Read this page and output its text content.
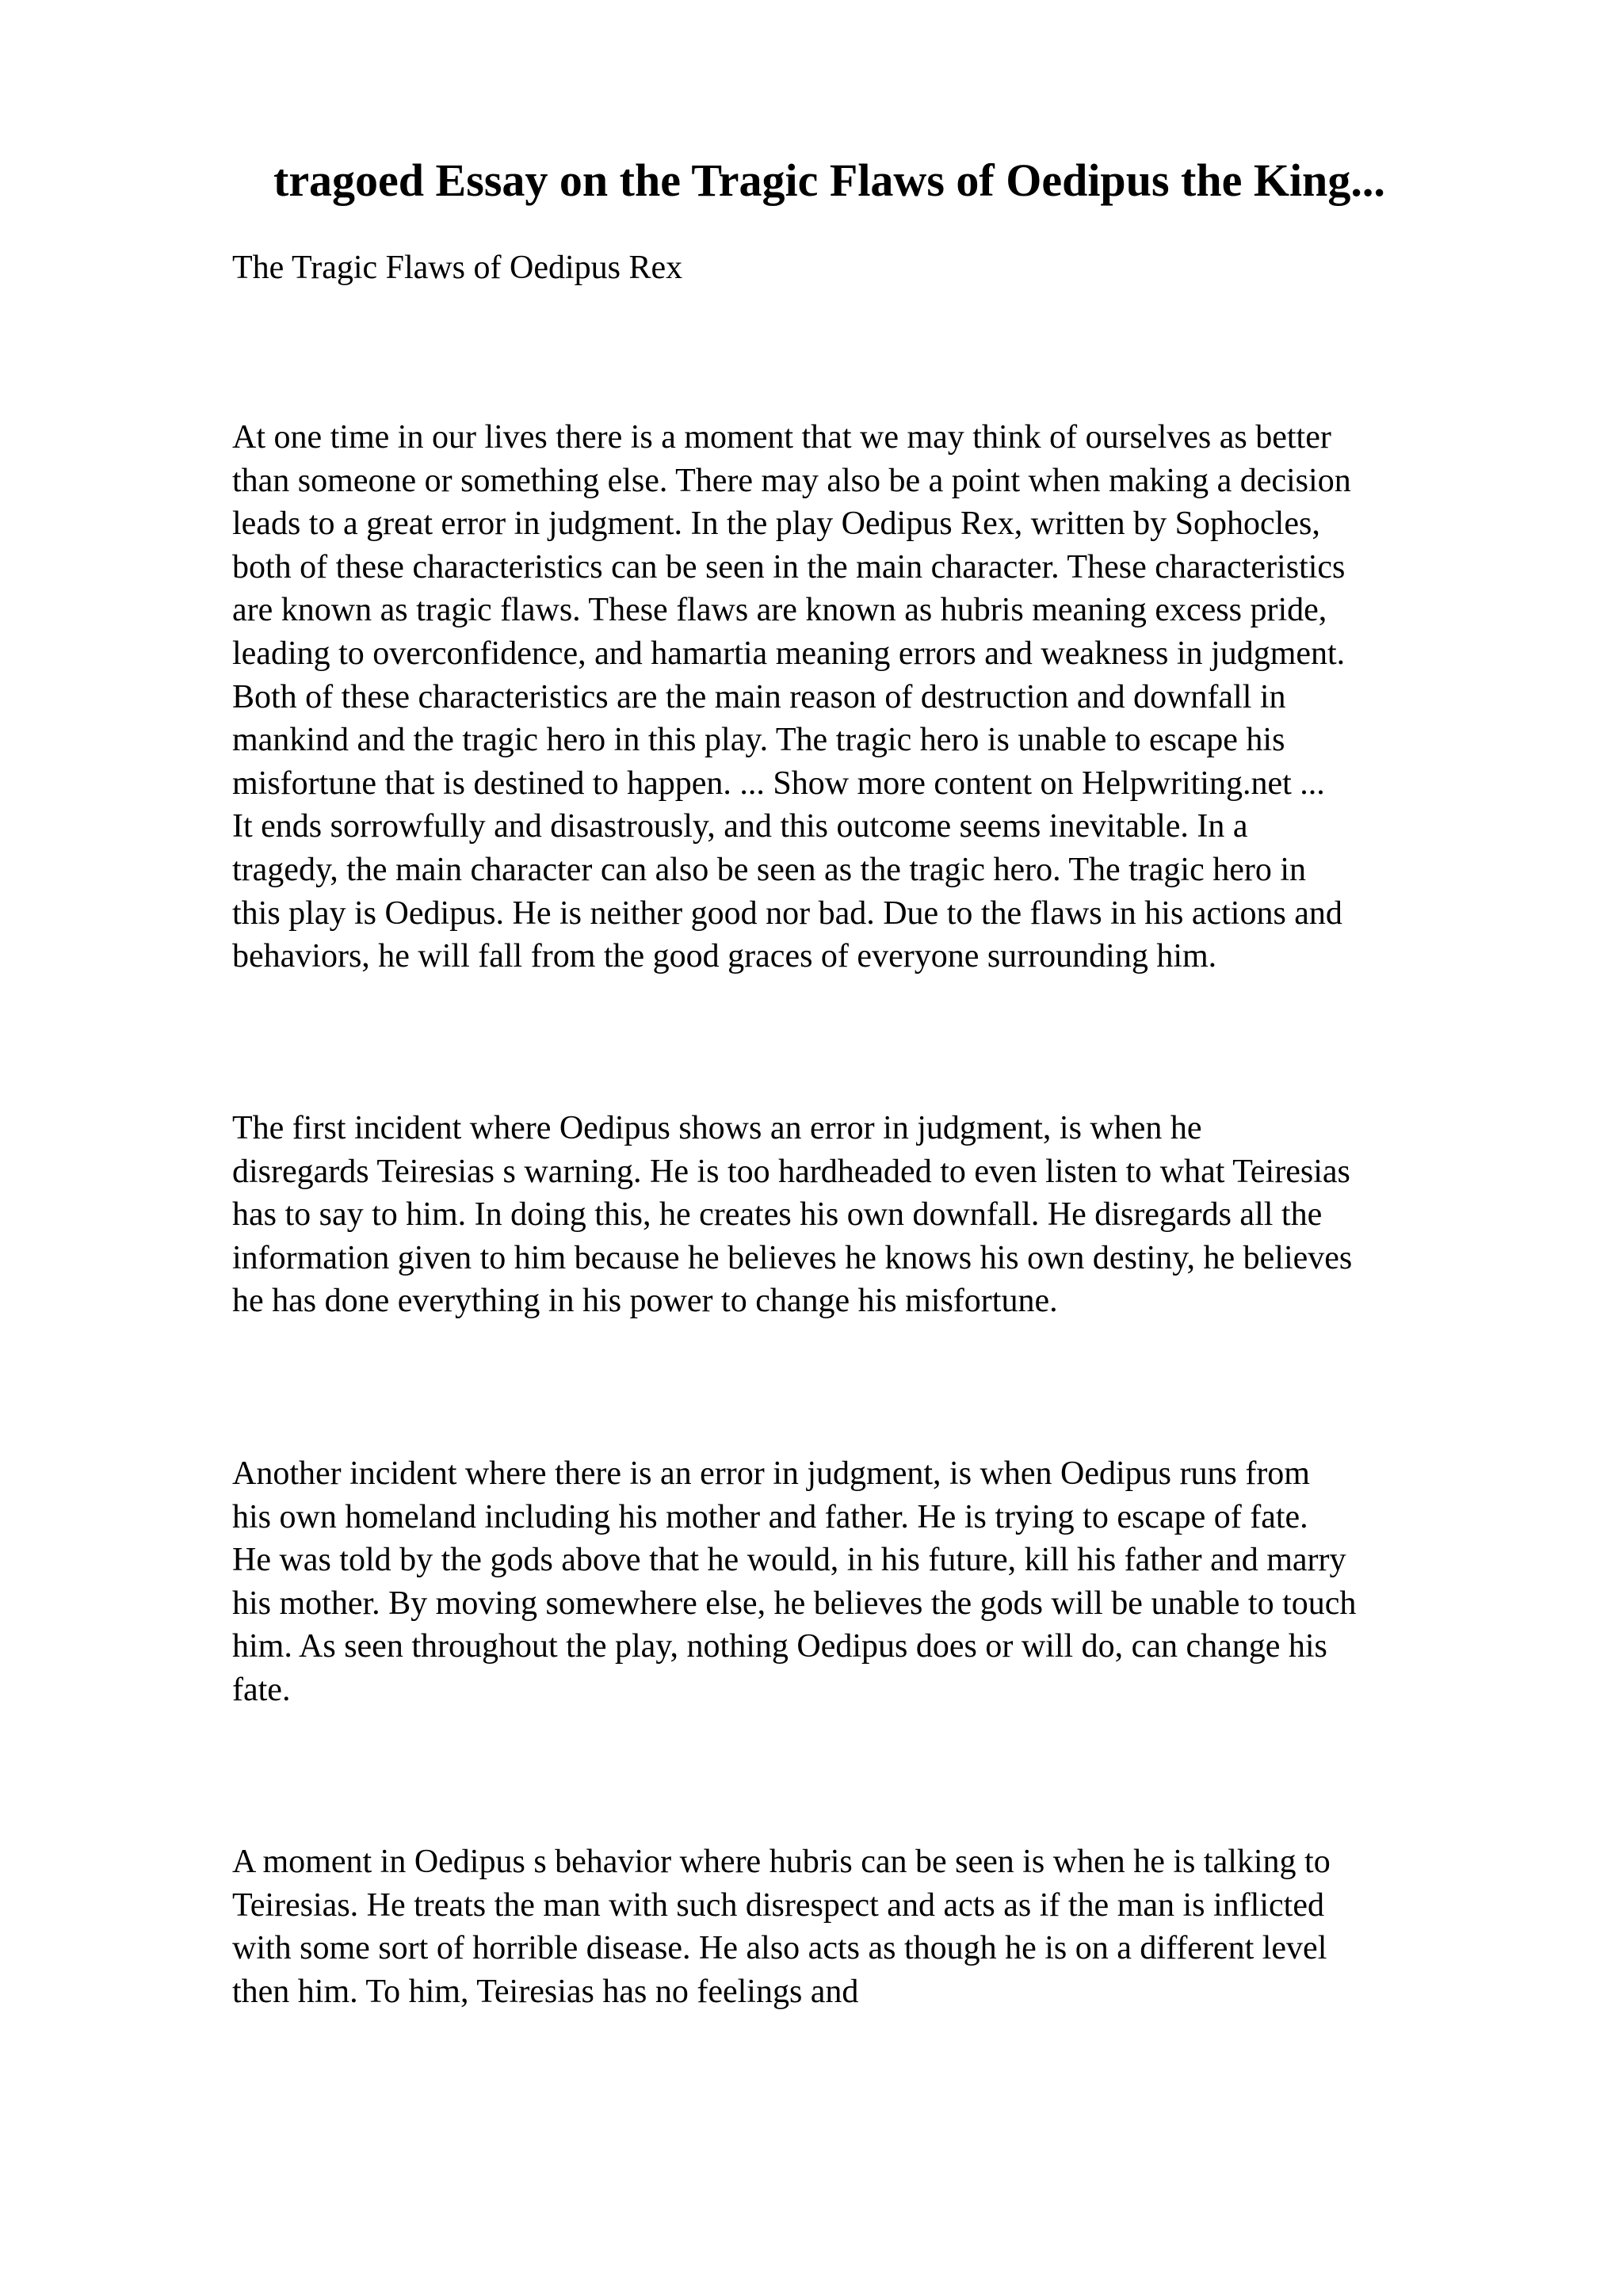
tragoed Essay on the Tragic Flaws of Oedipus the King...

The Tragic Flaws of Oedipus Rex

At one time in our lives there is a moment that we may think of ourselves as better
than someone or something else. There may also be a point when making a decision
leads to a great error in judgment. In the play Oedipus Rex, written by Sophocles,
both of these characteristics can be seen in the main character. These characteristics
are known as tragic flaws. These flaws are known as hubris meaning excess pride,
leading to overconfidence, and hamartia meaning errors and weakness in judgment.
Both of these characteristics are the main reason of destruction and downfall in
mankind and the tragic hero in this play. The tragic hero is unable to escape his
misfortune that is destined to happen. ... Show more content on Helpwriting.net ...
It ends sorrowfully and disastrously, and this outcome seems inevitable. In a
tragedy, the main character can also be seen as the tragic hero. The tragic hero in
this play is Oedipus. He is neither good nor bad. Due to the flaws in his actions and
behaviors, he will fall from the good graces of everyone surrounding him.

The first incident where Oedipus shows an error in judgment, is when he
disregards Teiresias s warning. He is too hardheaded to even listen to what Teiresias
has to say to him. In doing this, he creates his own downfall. He disregards all the
information given to him because he believes he knows his own destiny, he believes
he has done everything in his power to change his misfortune.

Another incident where there is an error in judgment, is when Oedipus runs from
his own homeland including his mother and father. He is trying to escape of fate.
He was told by the gods above that he would, in his future, kill his father and marry
his mother. By moving somewhere else, he believes the gods will be unable to touch
him. As seen throughout the play, nothing Oedipus does or will do, can change his
fate.

A moment in Oedipus s behavior where hubris can be seen is when he is talking to
Teiresias. He treats the man with such disrespect and acts as if the man is inflicted
with some sort of horrible disease. He also acts as though he is on a different level
then him. To him, Teiresias has no feelings and
